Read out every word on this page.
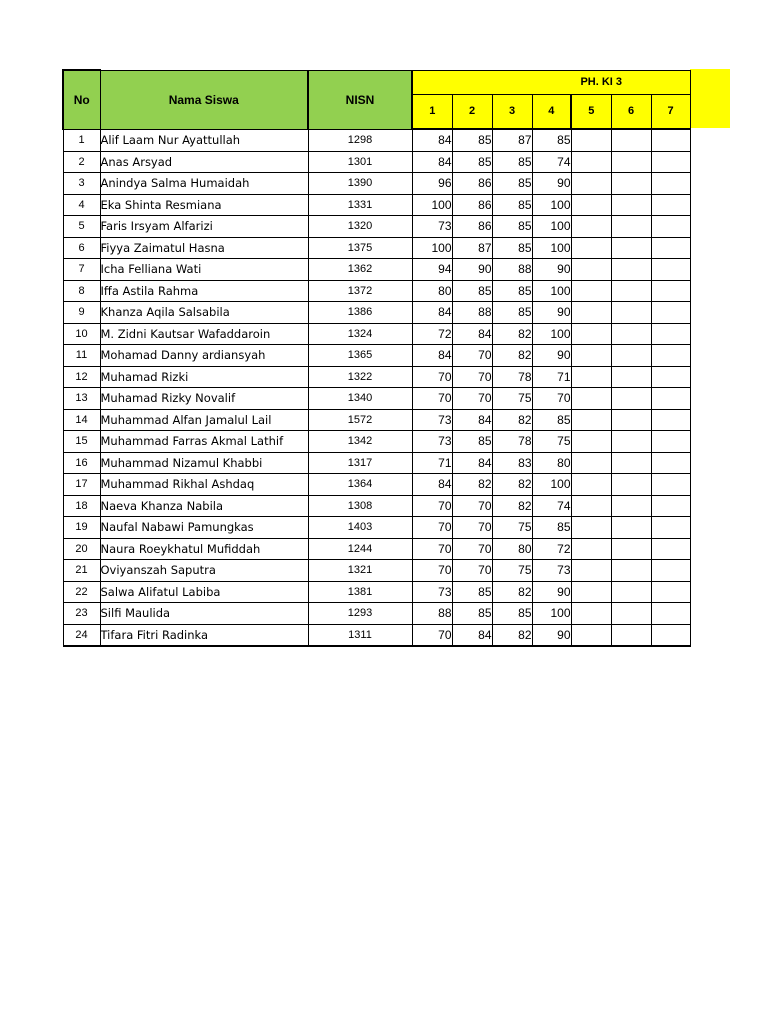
No	Nama Siswa	NISN	PH. KI 3						
			1	2	3	4	5	6	7
1	Alif Laam Nur Ayattullah	1298	84	85	87	85			
2	Anas Arsyad	1301	84	85	85	74			
3	Anindya Salma Humaidah	1390	96	86	85	90			
4	Eka Shinta Resmiana	1331	100	86	85	100			
5	Faris Irsyam Alfarizi	1320	73	86	85	100			
6	Fiyya Zaimatul Hasna	1375	100	87	85	100			
7	Icha Felliana Wati	1362	94	90	88	90			
8	Iffa Astila Rahma	1372	80	85	85	100			
9	Khanza Aqila Salsabila	1386	84	88	85	90			
10	M. Zidni Kautsar Wafaddaroin	1324	72	84	82	100			
11	Mohamad Danny ardiansyah	1365	84	70	82	90			
12	Muhamad Rizki	1322	70	70	78	71			
13	Muhamad Rizky Novalif	1340	70	70	75	70			
14	Muhammad Alfan Jamalul Lail	1572	73	84	82	85			
15	Muhammad Farras Akmal Lathif	1342	73	85	78	75			
16	Muhammad Nizamul Khabbi	1317	71	84	83	80			
17	Muhammad Rikhal Ashdaq	1364	84	82	82	100			
18	Naeva Khanza Nabila	1308	70	70	82	74			
19	Naufal Nabawi Pamungkas	1403	70	70	75	85			
20	Naura Roeykhatul Mufiddah	1244	70	70	80	72			
21	Oviyanszah Saputra	1321	70	70	75	73			
22	Salwa Alifatul Labiba	1381	73	85	82	90			
23	Silfi Maulida	1293	88	85	85	100			
24	Tifara Fitri Radinka	1311	70	84	82	90			
